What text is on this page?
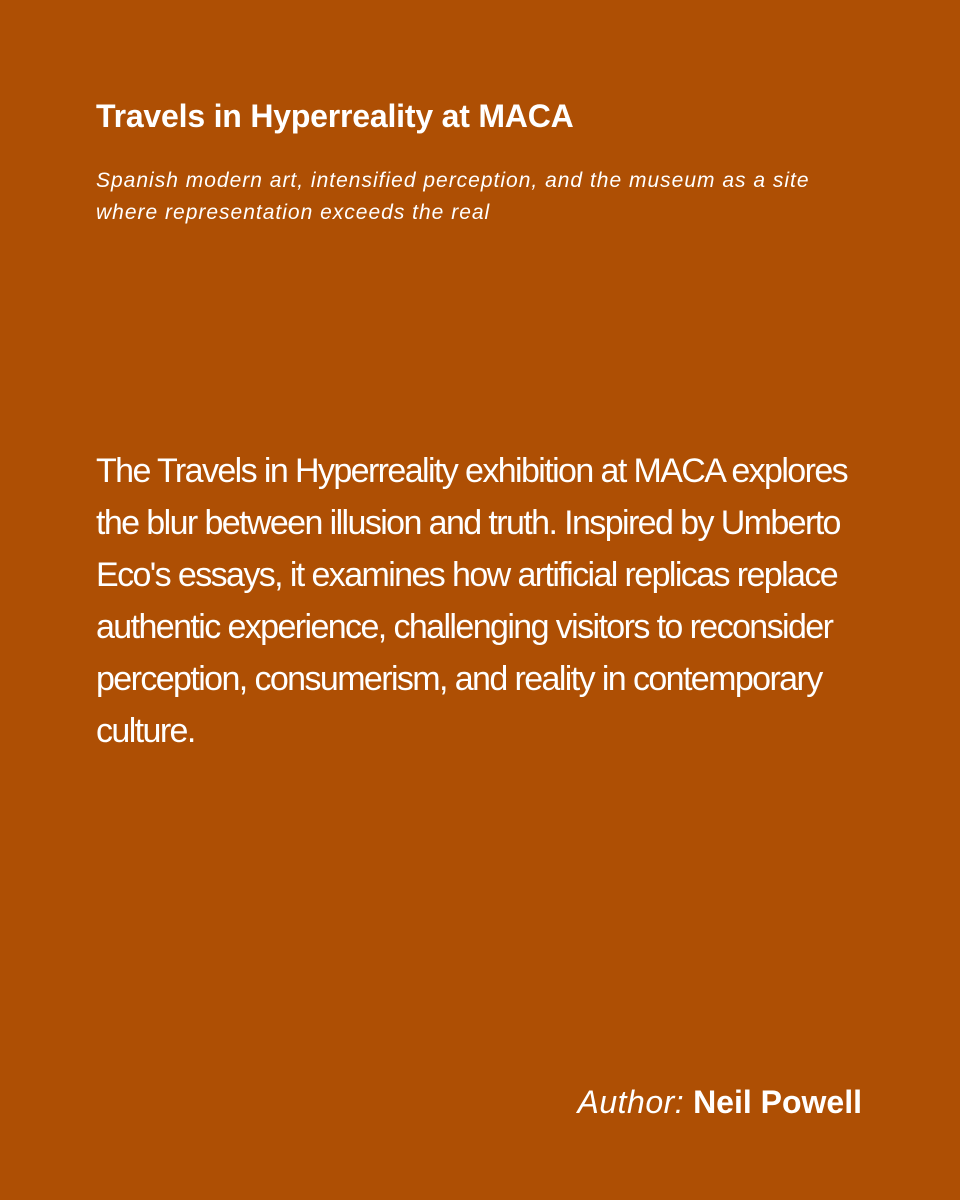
Travels in Hyperreality at MACA

Spanish modern art, intensified perception, and the museum as a site where representation exceeds the real

The Travels in Hyperreality exhibition at MACA explores the blur between illusion and truth. Inspired by Umberto Eco's essays, it examines how artificial replicas replace authentic experience, challenging visitors to reconsider perception, consumerism, and reality in contemporary culture.

Author: Neil Powell
